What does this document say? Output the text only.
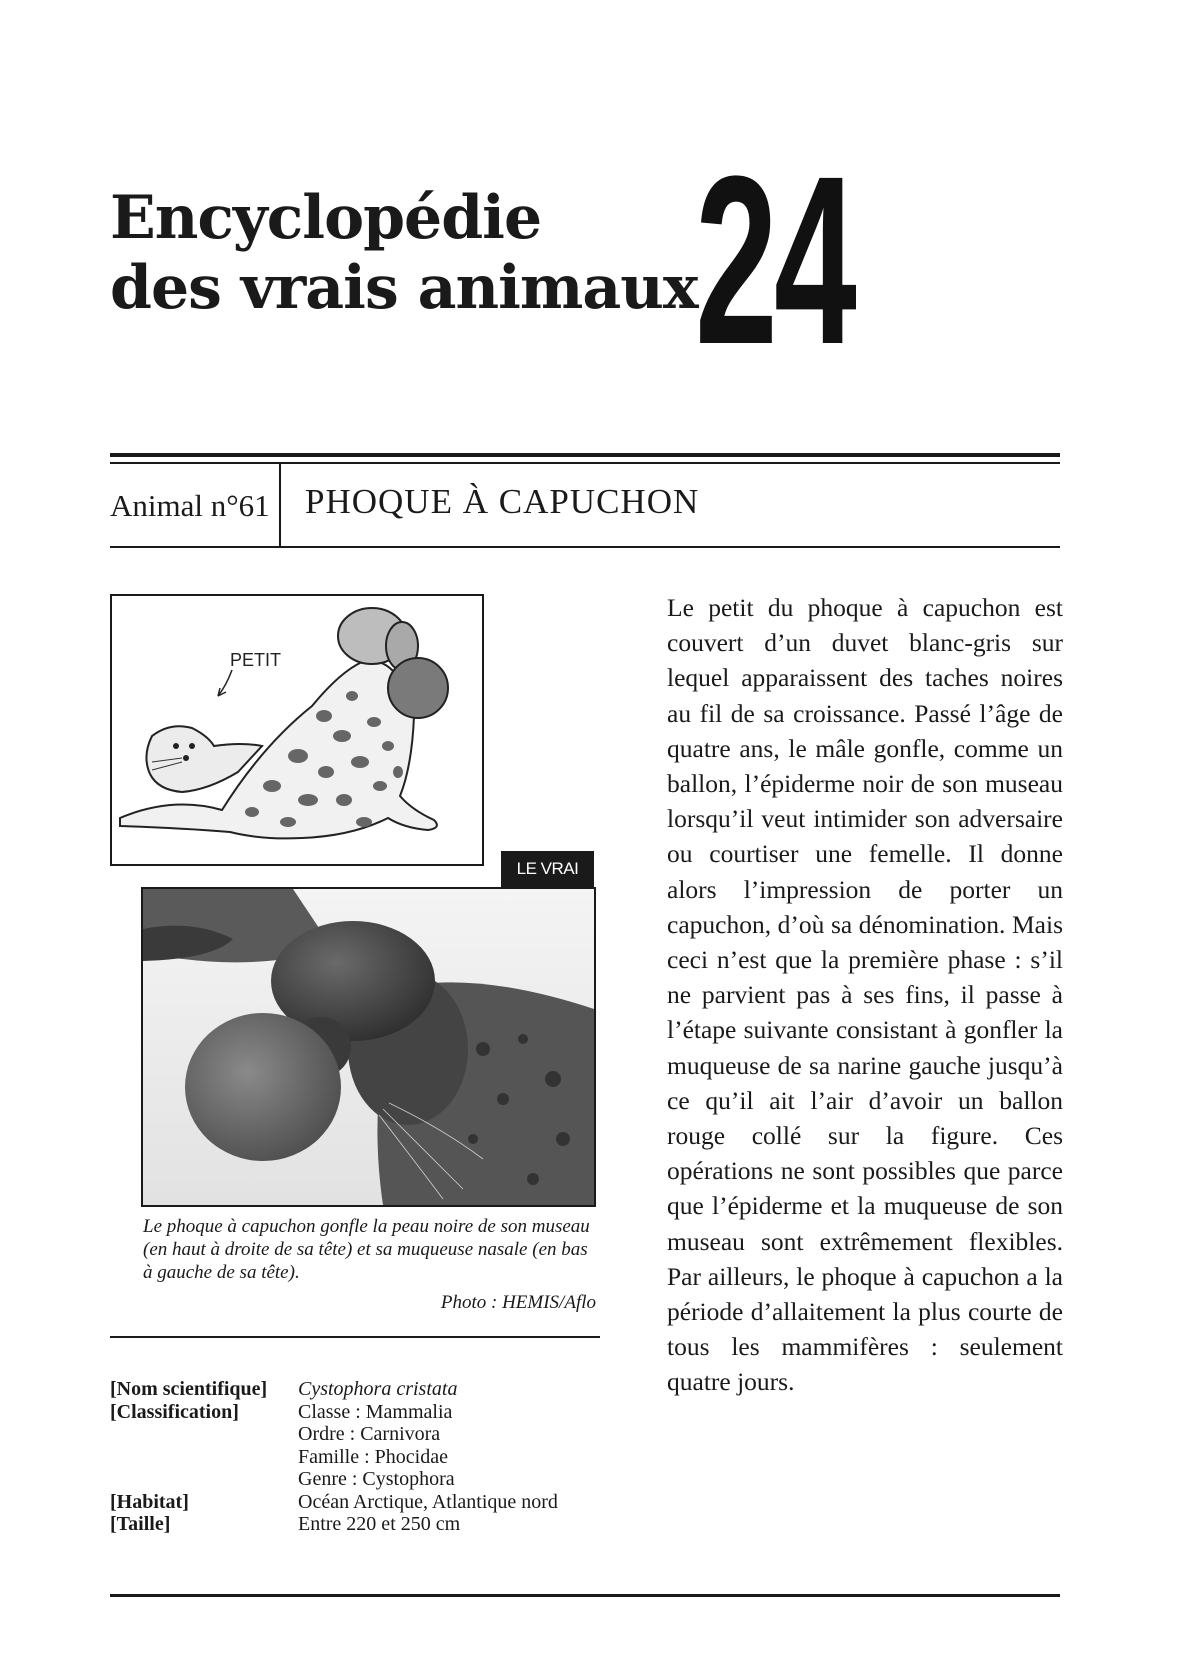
Encyclopédie
des vrais animaux
24
Animal n°61 PHOQUE À CAPUCHON
PETIT
LE VRAI

Le phoque à capuchon gonfle la peau noire de son museau (en haut à droite de sa tête) et sa muqueuse nasale (en bas à gauche de sa tête).

Photo : HEMIS/Aflo
[Nom scientifique]	Cystophora cristata
[Classification]	Classe : Mammalia
Ordre : Carnivora
Famille : Phocidae
Genre : Cystophora
[Habitat]	Océan Arctique, Atlantique nord
[Taille]	Entre 220 et 250 cm

Le petit du phoque à capuchon est couvert d’un duvet blanc-gris sur lequel apparaissent des taches noires au fil de sa croissance. Passé l’âge de quatre ans, le mâle gonfle, comme un ballon, l’épiderme noir de son museau lorsqu’il veut intimider son adversaire ou courtiser une femelle. Il donne alors l’impression de porter un capuchon, d’où sa dénomination. Mais ceci n’est que la première phase : s’il ne parvient pas à ses fins, il passe à l’étape suivante consistant à gonfler la muqueuse de sa narine gauche jusqu’à ce qu’il ait l’air d’avoir un ballon rouge collé sur la figure. Ces opérations ne sont possibles que parce que l’épiderme et la muqueuse de son museau sont extrêmement flexibles. Par ailleurs, le phoque à capuchon a la période d’allaitement la plus courte de tous les mammifères : seulement quatre jours.
